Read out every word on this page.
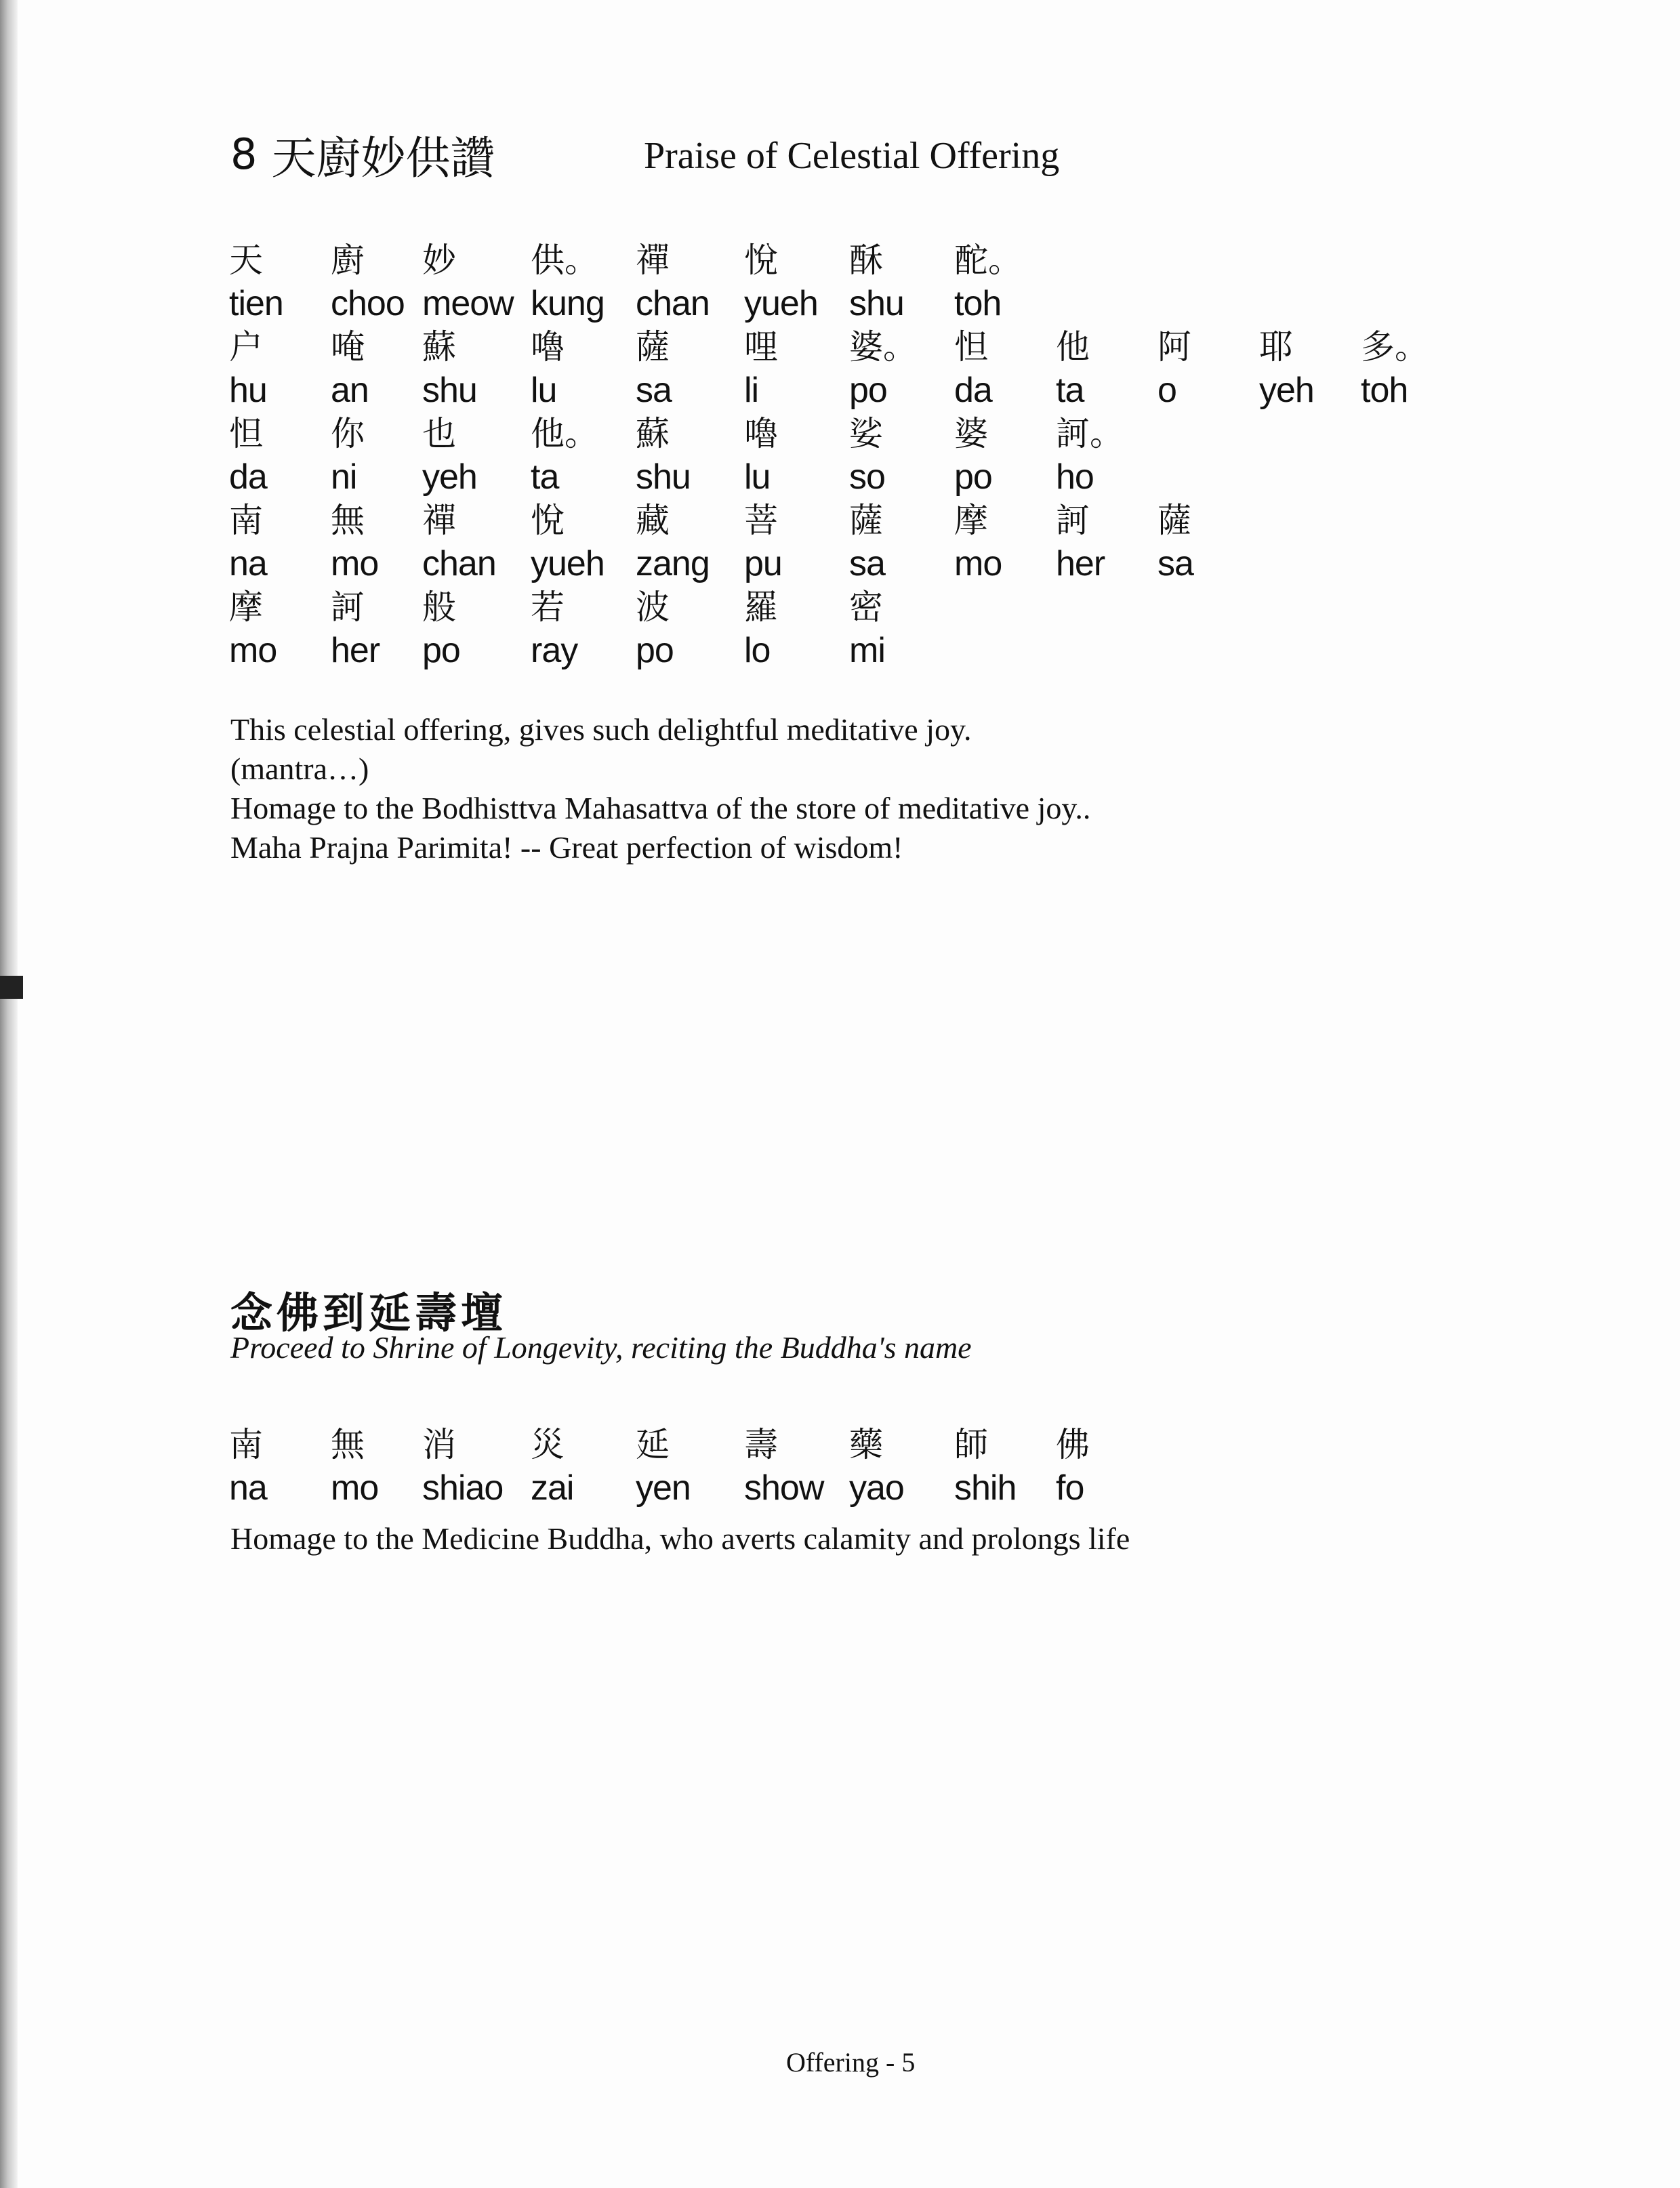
8 天廚妙供讚	Praise of Celestial Offering
天 廚 妙 供。 禪 悅 酥 酡。
tien choo meow kung chan yueh shu toh
户 唵 蘇 嚕 薩 哩 婆。 怛 他 阿 耶 多。
hu an shu lu sa li	po da ta o yeh toh
怛 你 也 他。 蘇 嚕 娑 婆 訶。
da ni yeh ta shu lu so po ho
南 無 禪 悅 藏 菩 薩 摩 訶 薩
na mo chan yueh zang pu sa mo her sa
摩 訶 般 若 波 羅 密
mo her po ray po lo mi
This celestial offering, gives such delightful meditative joy.
(mantra…)
Homage to the Bodhisttva Mahasattva of the store of meditative joy..
Maha Prajna Parimita! -- Great perfection of wisdom!
念佛到延壽壇
Proceed to Shrine of Longevity, reciting the Buddha's name
南 無 消 災 延 壽 藥 師 佛
na mo shiao zai yen show yao shih fo
Homage to the Medicine Buddha, who averts calamity and prolongs life
Offering - 5
